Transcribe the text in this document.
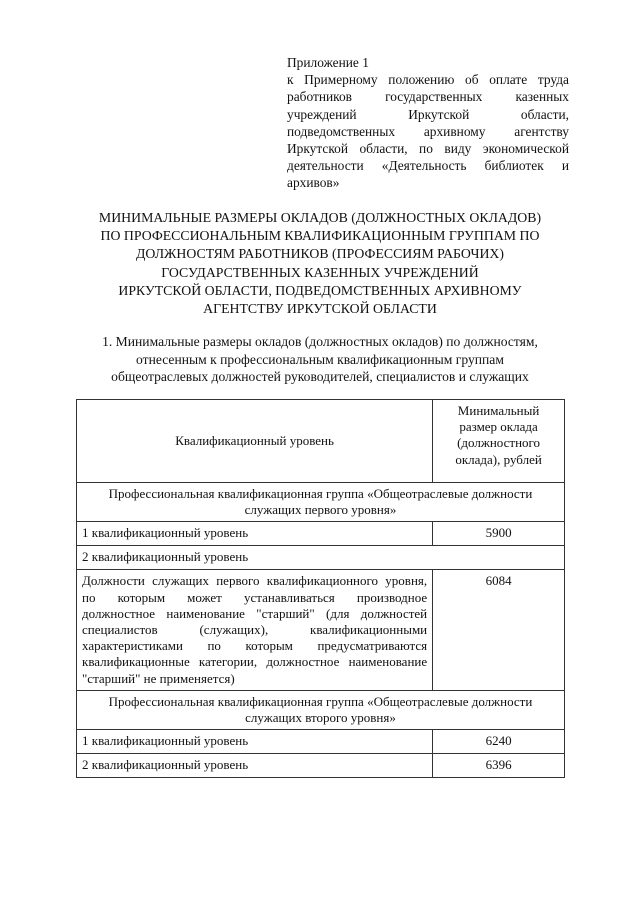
Приложение 1
к Примерному положению об оплате труда работников государственных казенных учреждений Иркутской области, подведомственных архивному агентству Иркутской области, по виду экономической деятельности «Деятельность библиотек и архивов»
МИНИМАЛЬНЫЕ РАЗМЕРЫ ОКЛАДОВ (ДОЛЖНОСТНЫХ ОКЛАДОВ)
ПО ПРОФЕССИОНАЛЬНЫМ КВАЛИФИКАЦИОННЫМ ГРУППАМ ПО
ДОЛЖНОСТЯМ РАБОТНИКОВ (ПРОФЕССИЯМ РАБОЧИХ)
ГОСУДАРСТВЕННЫХ КАЗЕННЫХ УЧРЕЖДЕНИЙ
ИРКУТСКОЙ ОБЛАСТИ, ПОДВЕДОМСТВЕННЫХ АРХИВНОМУ
АГЕНТСТВУ ИРКУТСКОЙ ОБЛАСТИ
1. Минимальные размеры окладов (должностных окладов) по должностям,
отнесенным к профессиональным квалификационным группам
общеотраслевых должностей руководителей, специалистов и служащих
Квалификационный уровень	Минимальный размер оклада (должностного оклада), рублей
Профессиональная квалификационная группа «Общеотраслевые должности служащих первого уровня»	
1 квалификационный уровень	5900
2 квалификационный уровень	
Должности служащих первого квалификационного уровня, по которым может устанавливаться производное должностное наименование "старший" (для должностей специалистов (служащих), квалификационными характеристиками по которым предусматриваются квалификационные категории, должностное наименование "старший" не применяется)	6084
Профессиональная квалификационная группа «Общеотраслевые должности служащих второго уровня»	
1 квалификационный уровень	6240
2 квалификационный уровень	6396
